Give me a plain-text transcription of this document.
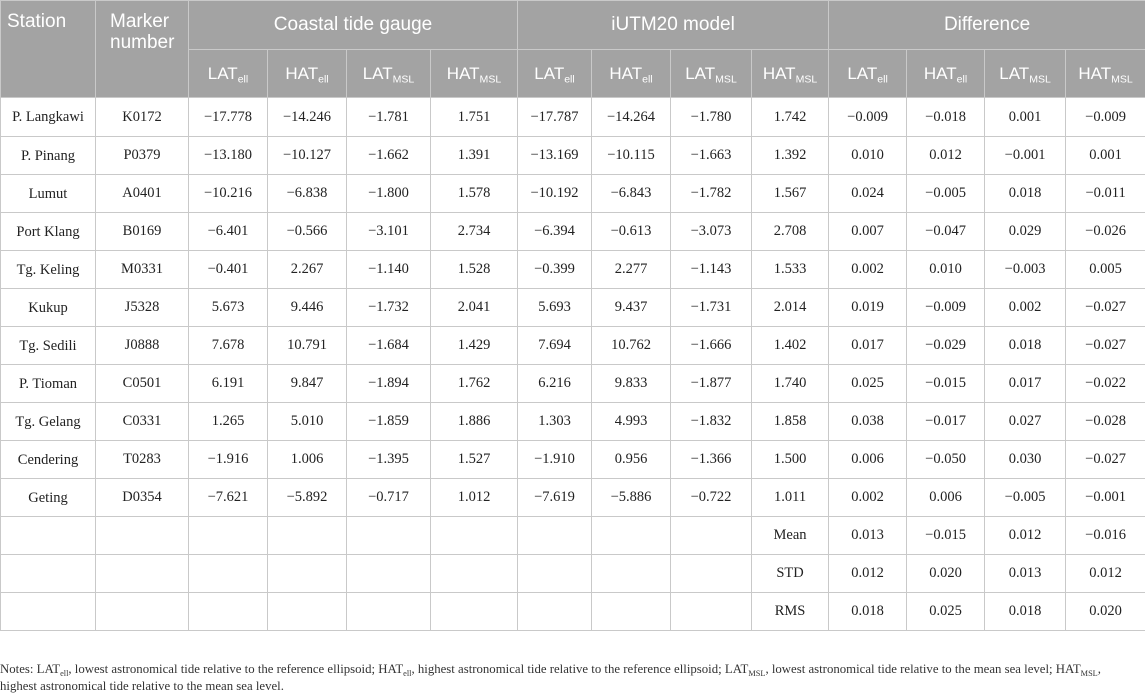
Station	Marker number	Coastal tide gauge				iUTM20 model				Difference			
		$LAT_{ell}$	$HAT_{ell}$	$LAT_{MSL}$	$HAT_{MSL}$	$LAT_{ell}$	$HAT_{ell}$	$LAT_{MSL}$	$HAT_{MSL}$	$LAT_{ell}$	$HAT_{ell}$	$LAT_{MSL}$	$HAT_{MSL}$
P. Langkawi	K0172	−17.778	−14.246	−1.781	1.751	−17.787	−14.264	−1.780	1.742	−0.009	−0.018	0.001	−0.009
P. Pinang	P0379	−13.180	−10.127	−1.662	1.391	−13.169	−10.115	−1.663	1.392	0.010	0.012	−0.001	0.001
Lumut	A0401	−10.216	−6.838	−1.800	1.578	−10.192	−6.843	−1.782	1.567	0.024	−0.005	0.018	−0.011
Port Klang	B0169	−6.401	−0.566	−3.101	2.734	−6.394	−0.613	−3.073	2.708	0.007	−0.047	0.029	−0.026
Tg. Keling	M0331	−0.401	2.267	−1.140	1.528	−0.399	2.277	−1.143	1.533	0.002	0.010	−0.003	0.005
Kukup	J5328	5.673	9.446	−1.732	2.041	5.693	9.437	−1.731	2.014	0.019	−0.009	0.002	−0.027
Tg. Sedili	J0888	7.678	10.791	−1.684	1.429	7.694	10.762	−1.666	1.402	0.017	−0.029	0.018	−0.027
P. Tioman	C0501	6.191	9.847	−1.894	1.762	6.216	9.833	−1.877	1.740	0.025	−0.015	0.017	−0.022
Tg. Gelang	C0331	1.265	5.010	−1.859	1.886	1.303	4.993	−1.832	1.858	0.038	−0.017	0.027	−0.028
Cendering	T0283	−1.916	1.006	−1.395	1.527	−1.910	0.956	−1.366	1.500	0.006	−0.050	0.030	−0.027
Geting	D0354	−7.621	−5.892	−0.717	1.012	−7.619	−5.886	−0.722	1.011	0.002	0.006	−0.005	−0.001
									Mean	0.013	−0.015	0.012	−0.016
									STD	0.012	0.020	0.013	0.012
									RMS	0.018	0.025	0.018	0.020
Notes: $LAT_{ell}$, lowest astronomical tide relative to the reference ellipsoid; $HAT_{ell}$, highest astronomical tide relative to the reference ellipsoid; $LAT_{MSL}$, lowest astronomical tide relative to the mean sea level; $HAT_{MSL}$, highest astronomical tide relative to the mean sea level.
